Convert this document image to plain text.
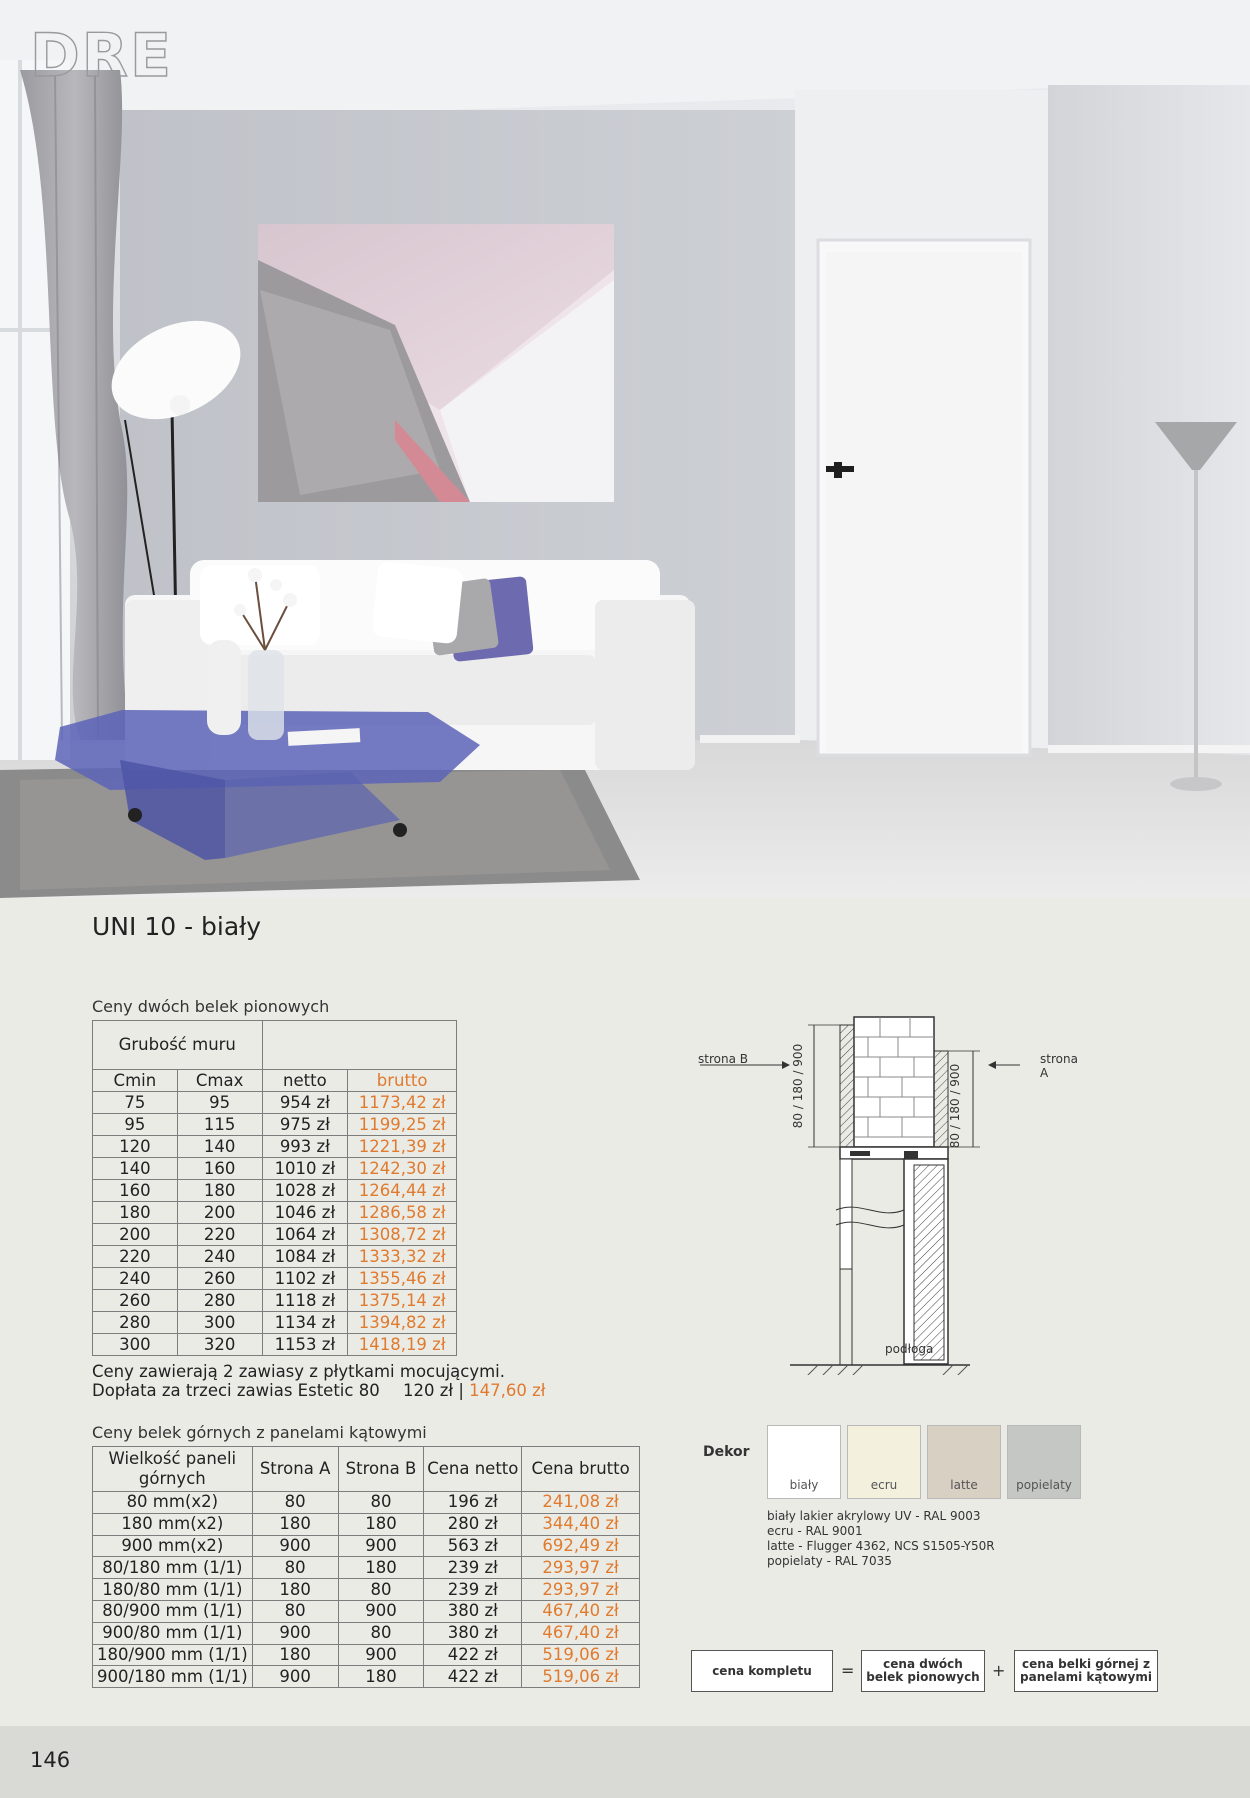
DRE
UNI 10 - biały
Ceny dwóch belek pionowych
Grubość muru			
Cmin	Cmax	netto	brutto
75	95	954 zł	1173,42 zł
95	115	975 zł	1199,25 zł
120	140	993 zł	1221,39 zł
140	160	1010 zł	1242,30 zł
160	180	1028 zł	1264,44 zł
180	200	1046 zł	1286,58 zł
200	220	1064 zł	1308,72 zł
220	240	1084 zł	1333,32 zł
240	260	1102 zł	1355,46 zł
260	280	1118 zł	1375,14 zł
280	300	1134 zł	1394,82 zł
300	320	1153 zł	1418,19 zł
Ceny zawierają 2 zawiasy z płytkami mocującymi.
Dopłata za trzeci zawias Estetic 80 120 zł | 147,60 zł
Ceny belek górnych z panelami kątowymi
Wielkość paneli górnych	Strona A	Strona B	Cena netto	Cena brutto
80 mm(x2)	80	80	196 zł	241,08 zł
180 mm(x2)	180	180	280 zł	344,40 zł
900 mm(x2)	900	900	563 zł	692,49 zł
80/180 mm (1/1)	80	180	239 zł	293,97 zł
180/80 mm (1/1)	180	80	239 zł	293,97 zł
80/900 mm (1/1)	80	900	380 zł	467,40 zł
900/80 mm (1/1)	900	80	380 zł	467,40 zł
180/900 mm (1/1)	180	900	422 zł	519,06 zł
900/180 mm (1/1)	900	180	422 zł	519,06 zł
strona B	strona A
80 / 180 / 900	80 / 180 / 900
podłoga
Dekor
biały	ecru	latte	popielaty
biały lakier akrylowy UV - RAL 9003
ecru - RAL 9001
latte - Flugger 4362, NCS S1505-Y50R
popielaty - RAL 7035
cena kompletu	=	cena dwóch belek pionowych +	cena belki górnej z panelami kątowymi
146
